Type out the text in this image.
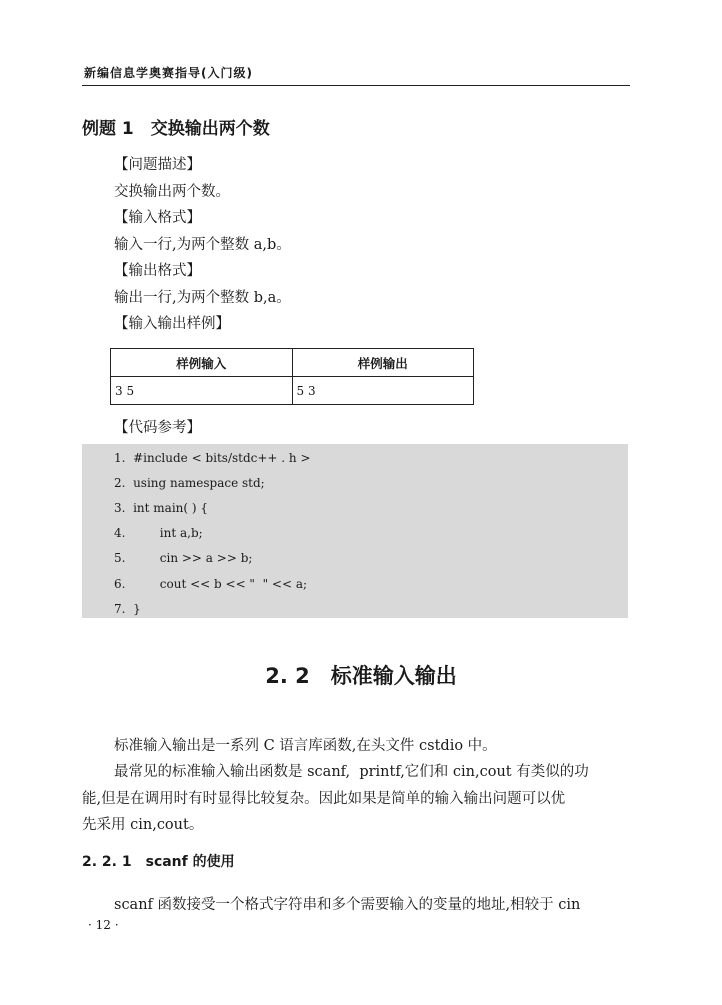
新编信息学奥赛指导(入门级)
例题 1　交换输出两个数
【问题描述】
交换输出两个数。
【输入格式】
输入一行,为两个整数 a,b。
【输出格式】
输出一行,为两个整数 b,a。
【输入输出样例】
样例输入	样例输出
3 5	5 3
【代码参考】
1.  #include < bits/stdc++ . h >
2.  using namespace std;
3.  int main( ) {
4.         int a,b;
5.         cin >> a >> b;
6.         cout << b << "  " << a;
7.  }
2. 2　标准输入输出
标准输入输出是一系列 C 语言库函数,在头文件 cstdio 中。
最常见的标准输入输出函数是 scanf,  printf,它们和 cin,cout 有类似的功
能,但是在调用时有时显得比较复杂。因此如果是简单的输入输出问题可以优
先采用 cin,cout。
2. 2. 1　scanf 的使用
scanf 函数接受一个格式字符串和多个需要输入的变量的地址,相较于 cin
· 12 ·
